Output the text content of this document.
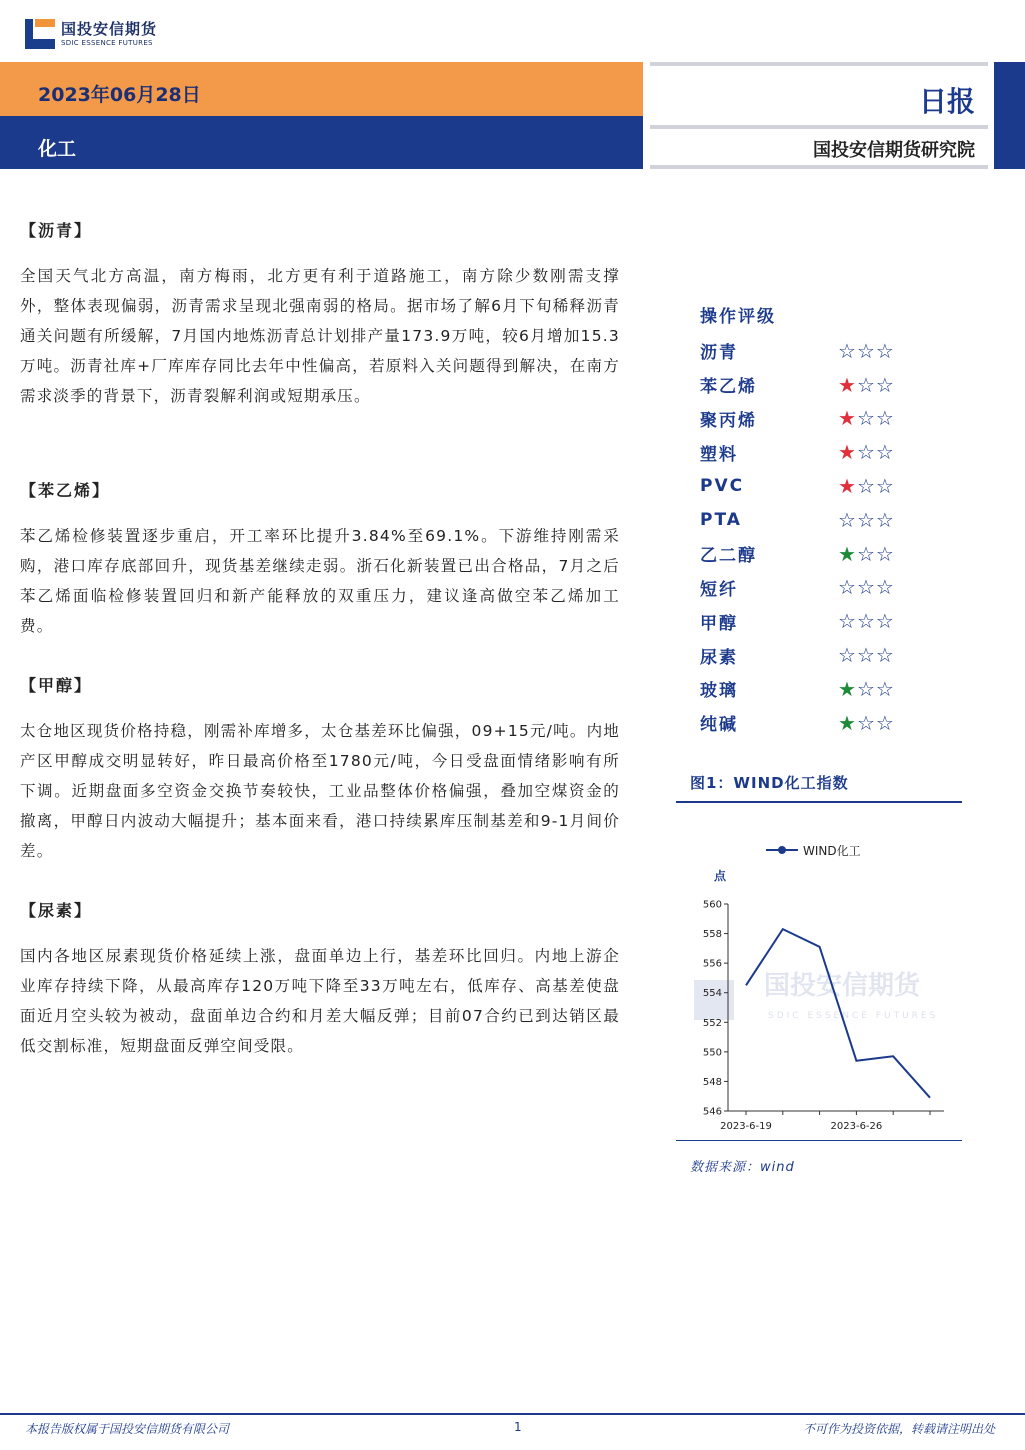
国投安信期货
SDIC ESSENCE FUTURES
2023年06月28日
化工
日报
国投安信期货研究院
【沥青】
全国天气北方高温，南方梅雨，北方更有利于道路施工，南方除少数刚需支撑外，整体表现偏弱，沥青需求呈现北强南弱的格局。据市场了解6月下旬稀释沥青通关问题有所缓解，7月国内地炼沥青总计划排产量173.9万吨，较6月增加15.3万吨。沥青社库+厂库库存同比去年中性偏高，若原料入关问题得到解决，在南方需求淡季的背景下，沥青裂解利润或短期承压。
【苯乙烯】
苯乙烯检修装置逐步重启，开工率环比提升3.84%至69.1%。下游维持刚需采购，港口库存底部回升，现货基差继续走弱。浙石化新装置已出合格品，7月之后苯乙烯面临检修装置回归和新产能释放的双重压力，建议逢高做空苯乙烯加工费。
【甲醇】
太仓地区现货价格持稳，刚需补库增多，太仓基差环比偏强，09+15元/吨。内地产区甲醇成交明显转好，昨日最高价格至1780元/吨，今日受盘面情绪影响有所下调。近期盘面多空资金交换节奏较快，工业品整体价格偏强，叠加空煤资金的撤离，甲醇日内波动大幅提升；基本面来看，港口持续累库压制基差和9-1月间价差。
【尿素】
国内各地区尿素现货价格延续上涨，盘面单边上行，基差环比回归。内地上游企业库存持续下降，从最高库存120万吨下降至33万吨左右，低库存、高基差使盘面近月空头较为被动，盘面单边合约和月差大幅反弹；目前07合约已到达销区最低交割标准，短期盘面反弹空间受限。
操作评级
沥青	☆ ☆ ☆
苯乙烯	★ ☆ ☆
聚丙烯	★ ☆ ☆
塑料	★ ☆ ☆
PVC	★ ☆ ☆
PTA	☆ ☆ ☆
乙二醇	★ ☆ ☆
短纤	☆ ☆ ☆
甲醇	☆ ☆ ☆
尿素	☆ ☆ ☆
玻璃	★ ☆ ☆
纯碱	★ ☆ ☆
图1：WIND化工指数
国投安信期货
SDIC ESSENCE FUTURES
WIND化工
点
546
548
550
552
554
556
558
560
2023-6-19	2023-6-26
数据来源：wind
本报告版权属于国投安信期货有限公司	1	不可作为投资依据，转载请注明出处
